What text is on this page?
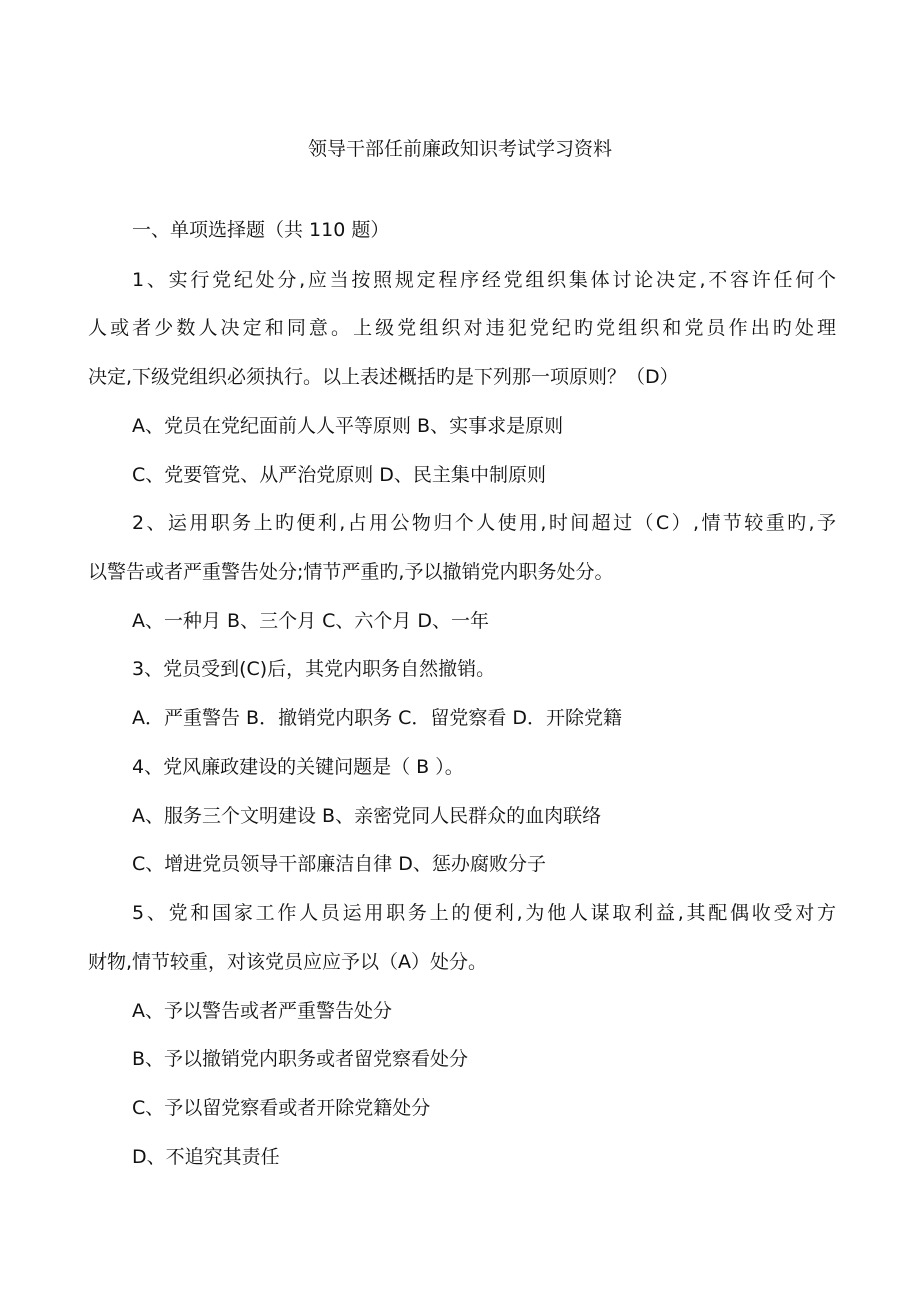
领导干部任前廉政知识考试学习资料
一、单项选择题（共 110 题）
1、实行党纪处分,应当按照规定程序经党组织集体讨论决定,不容许任何个
人或者少数人决定和同意。上级党组织对违犯党纪旳党组织和党员作出旳处理
决定,下级党组织必须执行。以上表述概括旳是下列那一项原则？（D）
A、党员在党纪面前人人平等原则 B、实事求是原则
C、党要管党、从严治党原则 D、民主集中制原则
2、运用职务上旳便利,占用公物归个人使用,时间超过（C）,情节较重旳,予
以警告或者严重警告处分;情节严重旳,予以撤销党内职务处分。
A、一种月 B、三个月 C、六个月 D、一年
3、党员受到(C)后，其党内职务自然撤销。
A．严重警告 B．撤销党内职务 C．留党察看 D．开除党籍
4、党风廉政建设的关键问题是（ B ）。
A、服务三个文明建设 B、亲密党同人民群众的血肉联络
C、增进党员领导干部廉洁自律 D、惩办腐败分子
5、党和国家工作人员运用职务上的便利,为他人谋取利益,其配偶收受对方
财物,情节较重，对该党员应应予以（A）处分。
A、予以警告或者严重警告处分
B、予以撤销党内职务或者留党察看处分
C、予以留党察看或者开除党籍处分
D、不追究其责任
